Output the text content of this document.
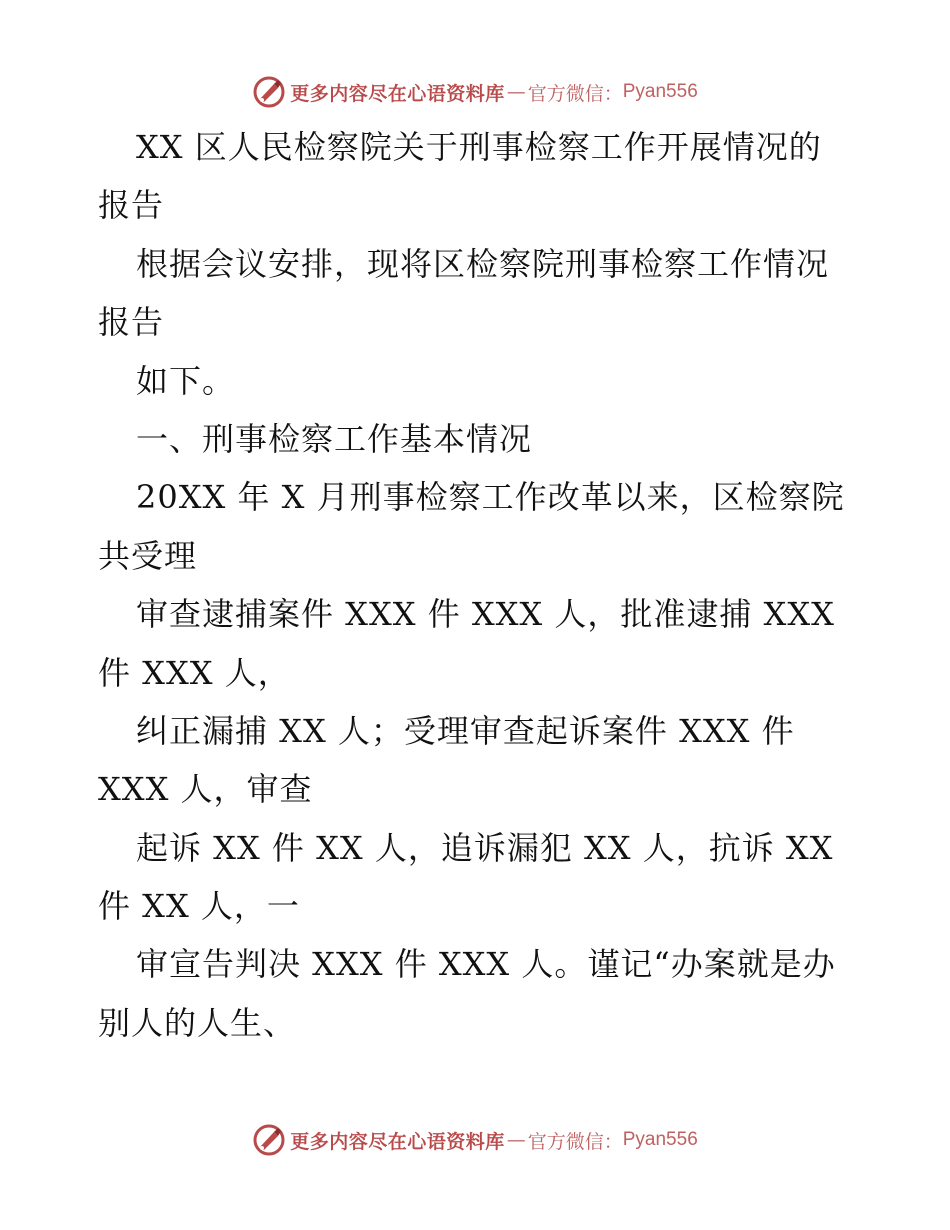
更多内容尽在心语资料库 — 官方微信： Pyan556
XX 区人民检察院关于刑事检察工作开展情况的
报告
根据会议安排，现将区检察院刑事检察工作情况
报告
如下。
一、刑事检察工作基本情况
20XX 年 X 月刑事检察工作改革以来，区检察院
共受理
审查逮捕案件 XXX 件 XXX 人，批准逮捕 XXX
件 XXX 人，
纠正漏捕 XX 人；受理审查起诉案件 XXX 件
XXX 人，审查
起诉 XX 件 XX 人，追诉漏犯 XX 人，抗诉 XX
件 XX 人，一
审宣告判决 XXX 件 XXX 人。谨记“办案就是办
别人的人生、
更多内容尽在心语资料库 — 官方微信： Pyan556
